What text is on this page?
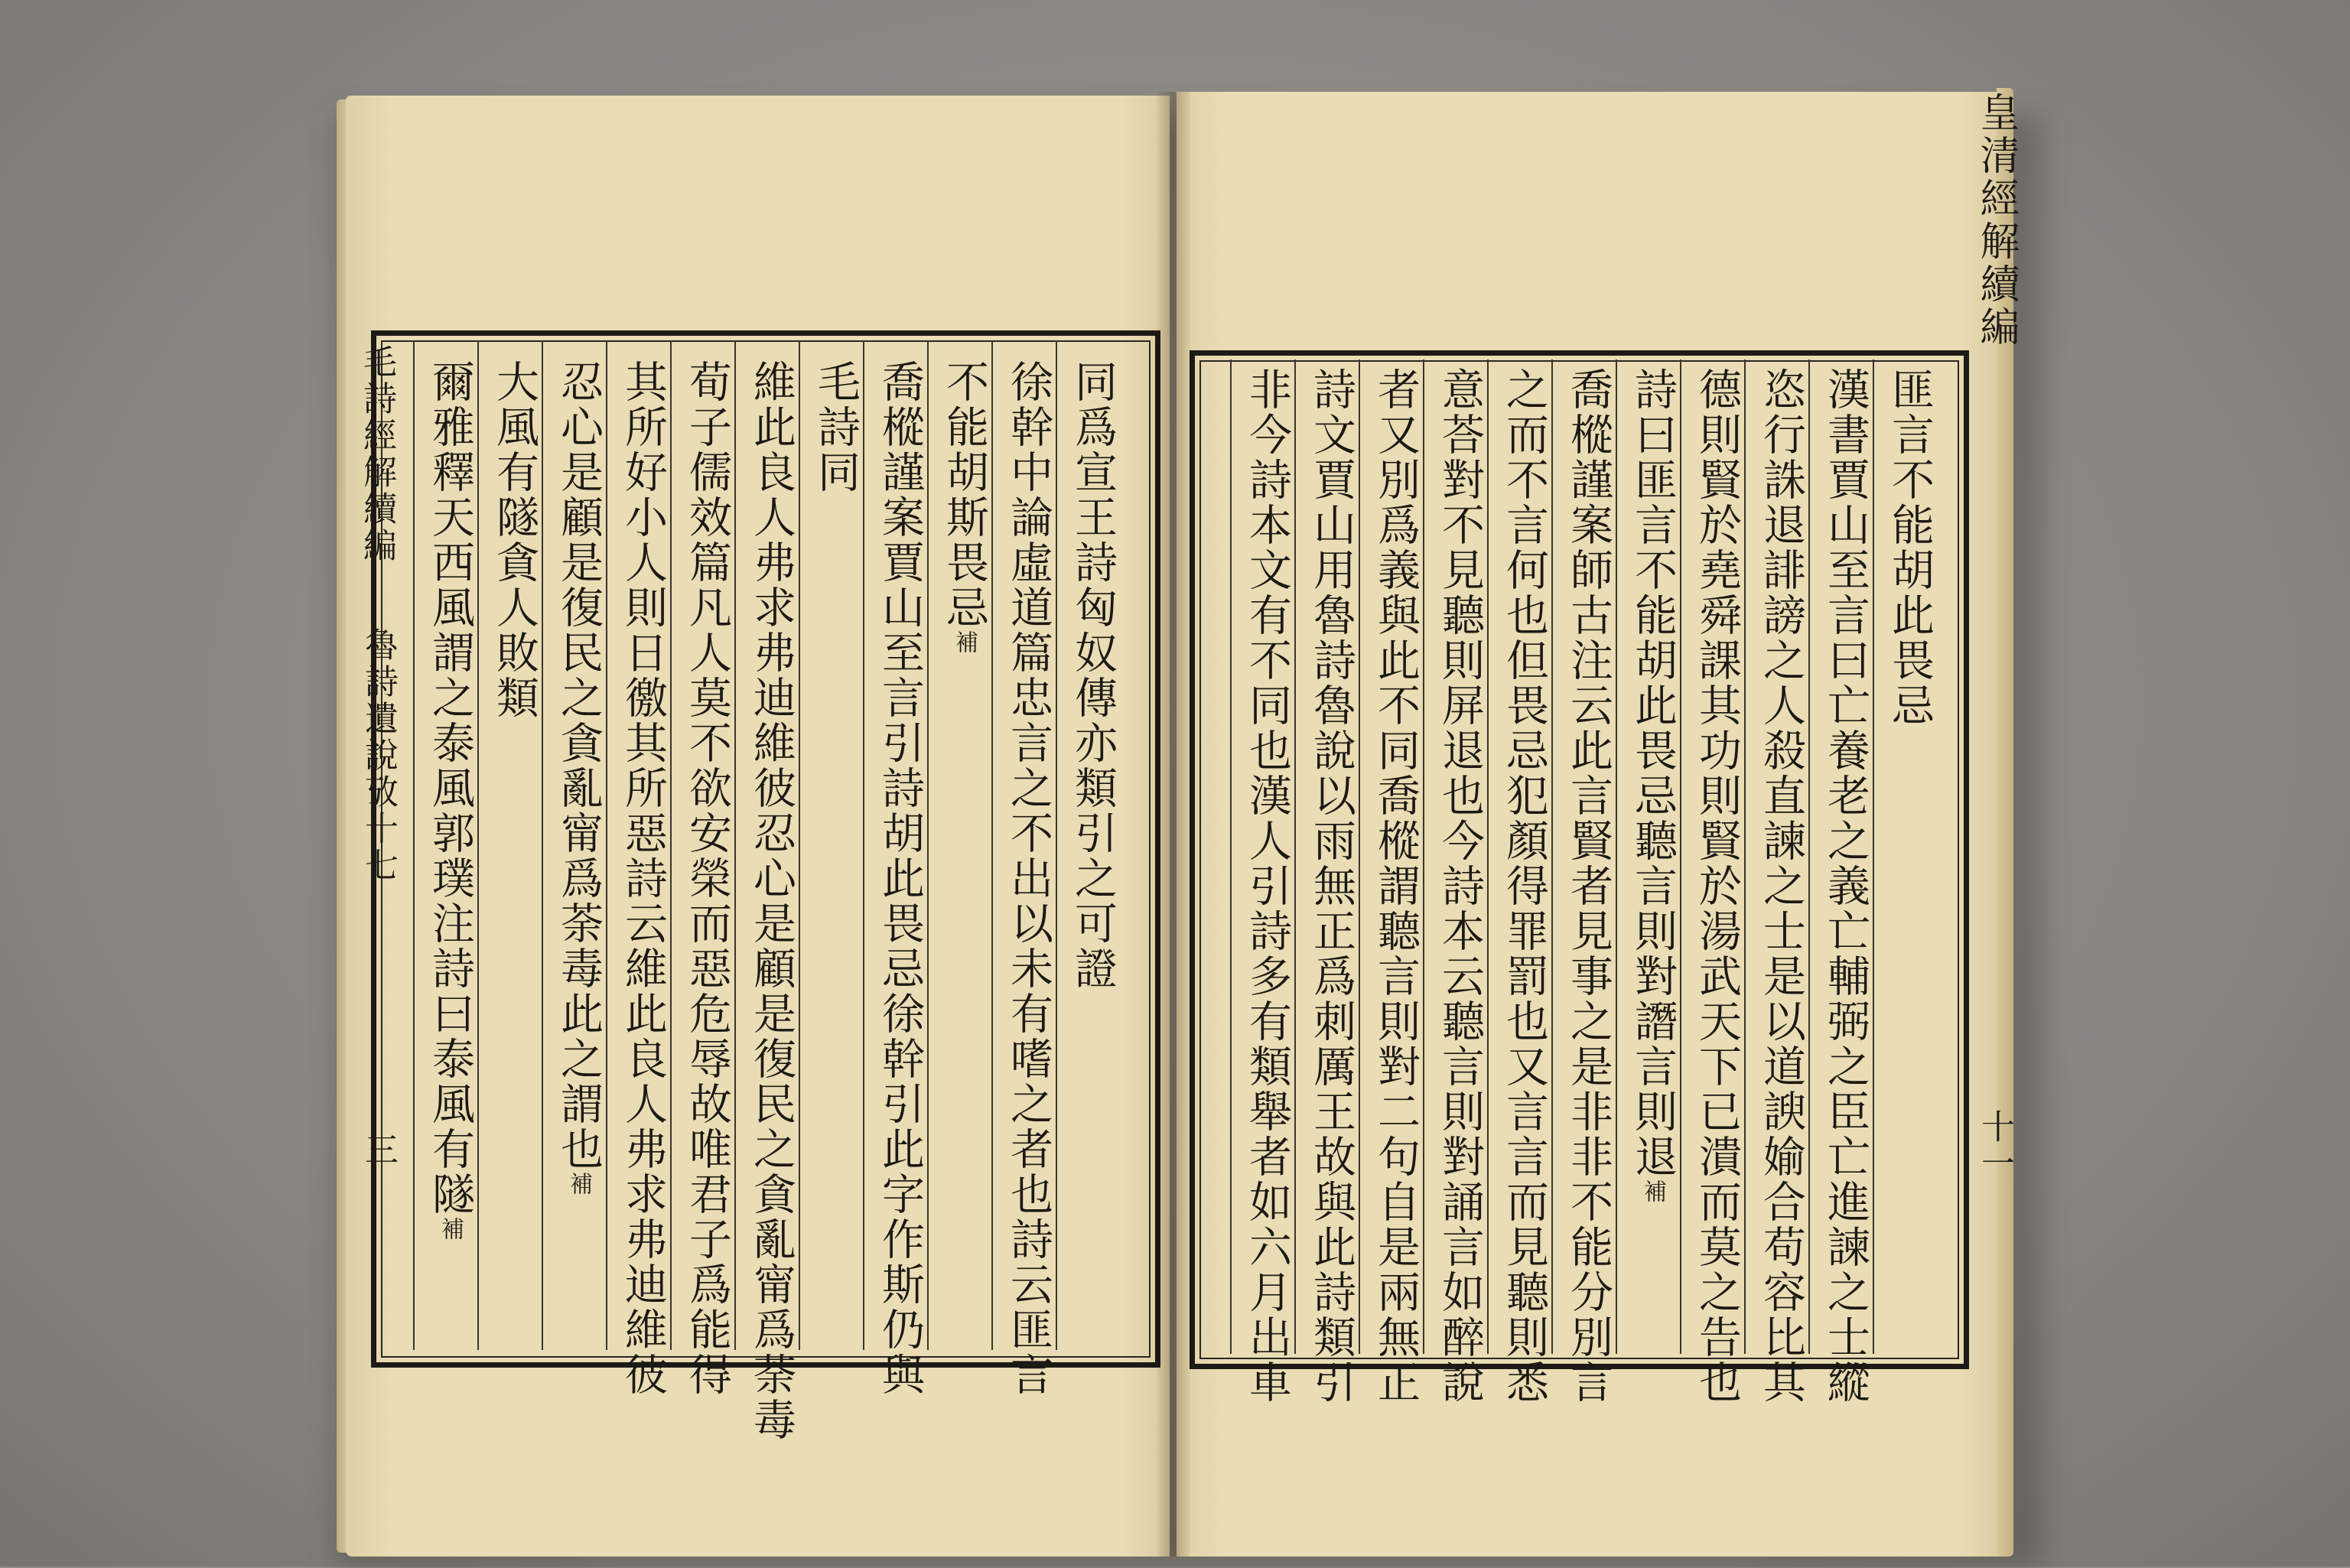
皇清經解續編
十一
匪言不能胡此畏忌
漢書賈山至言曰亡養老之義亡輔弼之臣亡進諫之士縱
恣行誅退誹謗之人殺直諫之士是以道諛媮合苟容比其
德則賢於堯舜課其功則賢於湯武天下已潰而莫之告也
詩曰匪言不能胡此畏忌聽言則對譖言則退補
喬樅謹案師古注云此言賢者見事之是非非不能分別言
之而不言何也但畏忌犯顏得罪罰也又言言而見聽則悉
意荅對不見聽則屏退也今詩本云聽言則對誦言如醉說
者又別爲義與此不同喬樅謂聽言則對二句自是兩無正
詩文賈山用魯詩魯說以雨無正爲刺厲王故與此詩類引
非今詩本文有不同也漢人引詩多有類舉者如六月出車
毛詩經解續編
魯詩遺說攷十七
三
同爲宣王詩匈奴傳亦類引之可證
徐幹中論虛道篇忠言之不出以未有嗜之者也詩云匪言
不能胡斯畏忌補
喬樅謹案賈山至言引詩胡此畏忌徐幹引此字作斯仍與
毛詩同
維此良人弗求弗迪維彼忍心是顧是復民之貪亂甯爲荼毒
荀子儒效篇凡人莫不欲安榮而惡危辱故唯君子爲能得
其所好小人則日徼其所惡詩云維此良人弗求弗迪維彼
忍心是顧是復民之貪亂甯爲荼毒此之謂也補
大風有隧貪人敗類
爾雅釋天西風謂之泰風郭璞注詩曰泰風有隧補
